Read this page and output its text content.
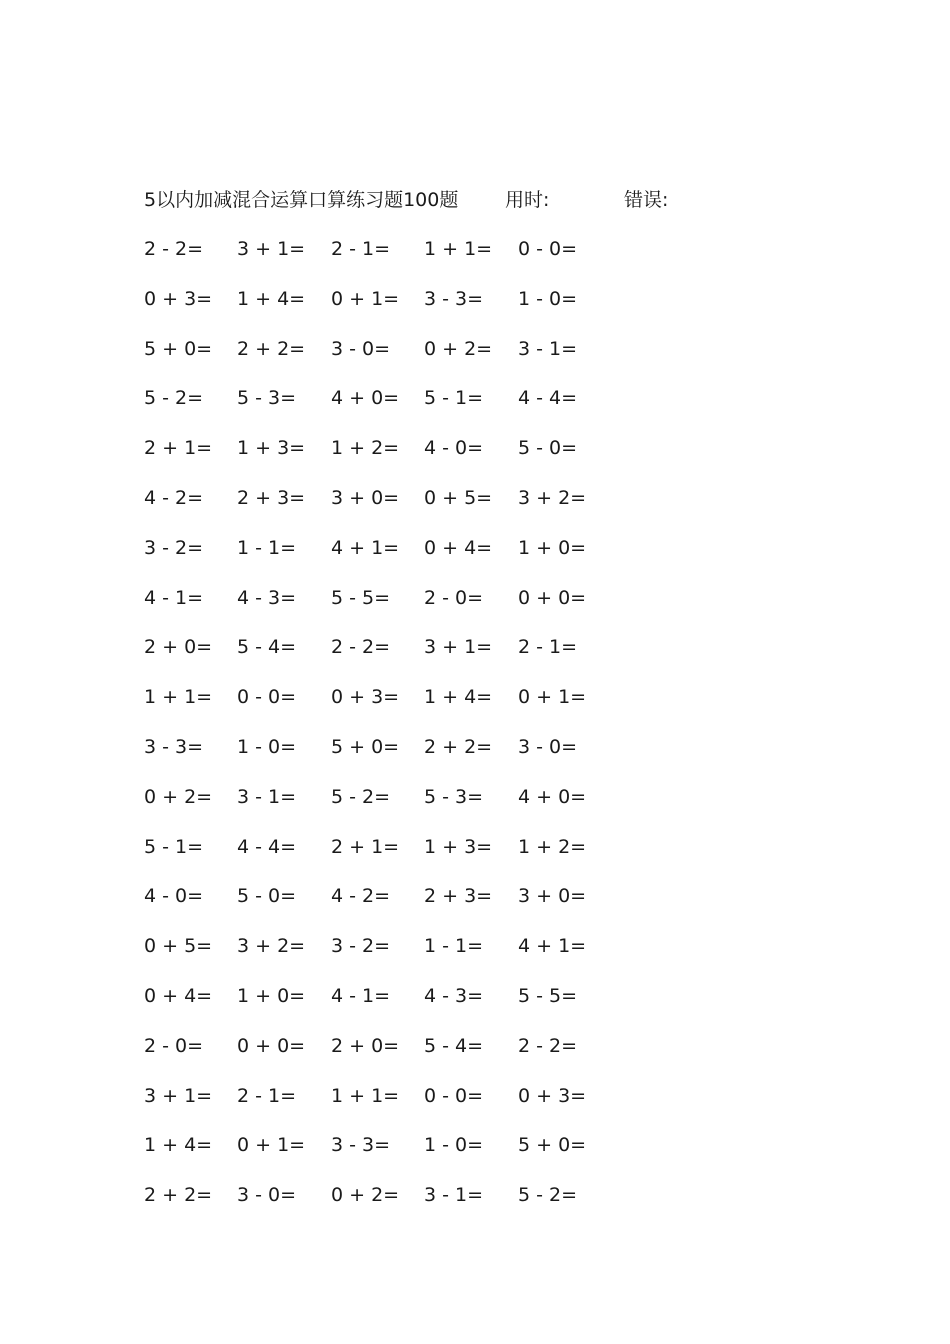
5以内加减混合运算口算练习题100题 用时:	错误:
2 - 2= 3 + 1= 2 - 1= 1 + 1= 0 - 0=
0 + 3= 1 + 4= 0 + 1= 3 - 3= 1 - 0=
5 + 0= 2 + 2= 3 - 0= 0 + 2= 3 - 1=
5 - 2= 5 - 3= 4 + 0= 5 - 1= 4 - 4=
2 + 1= 1 + 3= 1 + 2= 4 - 0= 5 - 0=
4 - 2= 2 + 3= 3 + 0= 0 + 5= 3 + 2=
3 - 2= 1 - 1= 4 + 1= 0 + 4= 1 + 0=
4 - 1= 4 - 3= 5 - 5= 2 - 0= 0 + 0=
2 + 0= 5 - 4= 2 - 2= 3 + 1= 2 - 1=
1 + 1= 0 - 0= 0 + 3= 1 + 4= 0 + 1=
3 - 3= 1 - 0= 5 + 0= 2 + 2= 3 - 0=
0 + 2= 3 - 1= 5 - 2= 5 - 3= 4 + 0=
5 - 1= 4 - 4= 2 + 1= 1 + 3= 1 + 2=
4 - 0= 5 - 0= 4 - 2= 2 + 3= 3 + 0=
0 + 5= 3 + 2= 3 - 2= 1 - 1= 4 + 1=
0 + 4= 1 + 0= 4 - 1= 4 - 3= 5 - 5=
2 - 0= 0 + 0= 2 + 0= 5 - 4= 2 - 2=
3 + 1= 2 - 1= 1 + 1= 0 - 0= 0 + 3=
1 + 4= 0 + 1= 3 - 3= 1 - 0= 5 + 0=
2 + 2= 3 - 0= 0 + 2= 3 - 1= 5 - 2=
